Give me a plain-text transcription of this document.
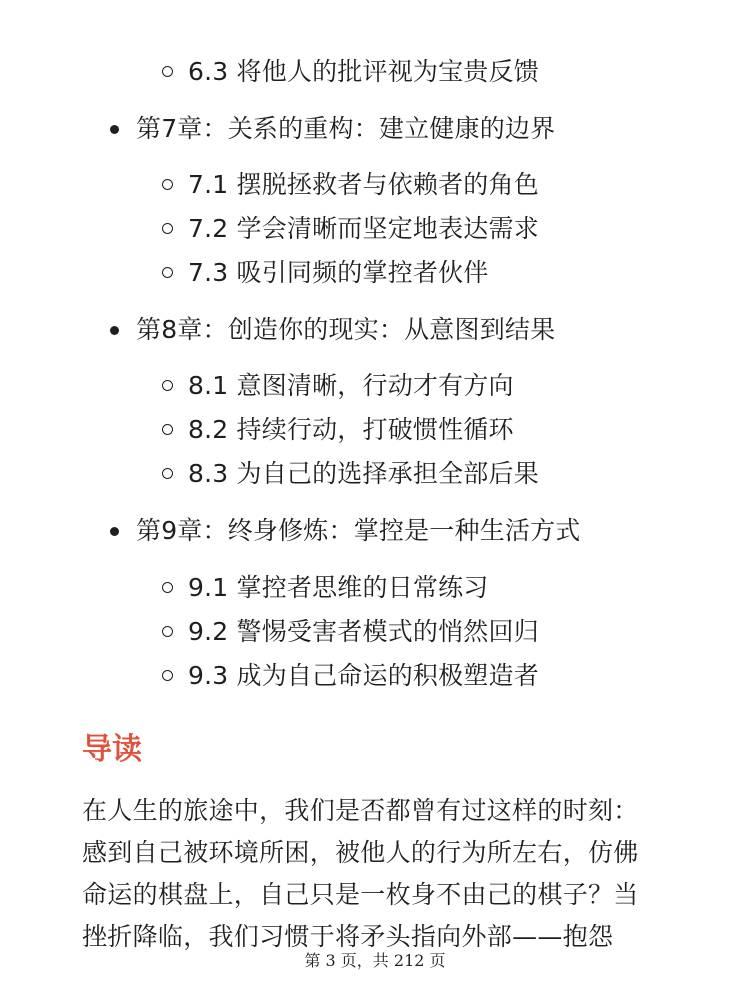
6.3 将他人的批评视为宝贵反馈
第7章：关系的重构：建立健康的边界
7.1 摆脱拯救者与依赖者的角色
7.2 学会清晰而坚定地表达需求
7.3 吸引同频的掌控者伙伴
第8章：创造你的现实：从意图到结果
8.1 意图清晰，行动才有方向
8.2 持续行动，打破惯性循环
8.3 为自己的选择承担全部后果
第9章：终身修炼：掌控是一种生活方式
9.1 掌控者思维的日常练习
9.2 警惕受害者模式的悄然回归
9.3 成为自己命运的积极塑造者
导读
在人生的旅途中，我们是否都曾有过这样的时刻：
感到自己被环境所困，被他人的行为所左右，仿佛
命运的棋盘上，自己只是一枚身不由己的棋子？当
挫折降临，我们习惯于将矛头指向外部——抱怨
第 3 页，共 212 页
